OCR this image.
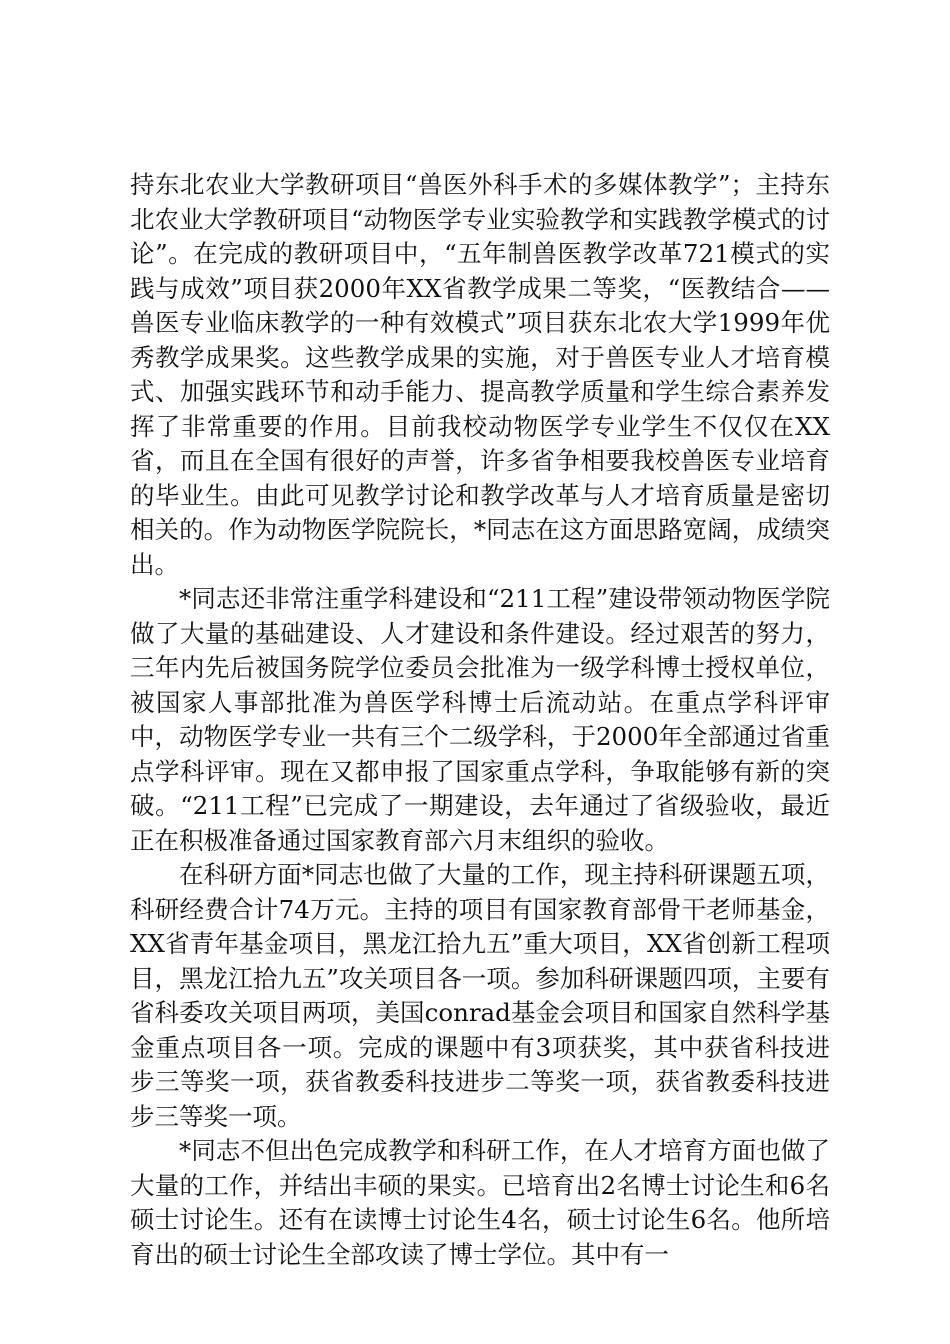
持东北农业大学教研项目“兽医外科手术的多媒体教学”；主持东北农业大学教研项目“动物医学专业实验教学和实践教学模式的讨论”。在完成的教研项目中，“五年制兽医教学改革721模式的实践与成效”项目获2000年XX省教学成果二等奖，“医教结合——兽医专业临床教学的一种有效模式”项目获东北农大学1999年优秀教学成果奖。这些教学成果的实施，对于兽医专业人才培育模式、加强实践环节和动手能力、提高教学质量和学生综合素养发挥了非常重要的作用。目前我校动物医学专业学生不仅仅在XX省，而且在全国有很好的声誉，许多省争相要我校兽医专业培育的毕业生。由此可见教学讨论和教学改革与人才培育质量是密切相关的。作为动物医学院院长，*同志在这方面思路宽阔，成绩突出。

*同志还非常注重学科建设和“211工程”建设带领动物医学院做了大量的基础建设、人才建设和条件建设。经过艰苦的努力，三年内先后被国务院学位委员会批准为一级学科博士授权单位，被国家人事部批准为兽医学科博士后流动站。在重点学科评审中，动物医学专业一共有三个二级学科，于2000年全部通过省重点学科评审。现在又都申报了国家重点学科，争取能够有新的突破。“211工程”已完成了一期建设，去年通过了省级验收，最近正在积极准备通过国家教育部六月末组织的验收。

在科研方面*同志也做了大量的工作，现主持科研课题五项，科研经费合计74万元。主持的项目有国家教育部骨干老师基金，XX省青年基金项目，黑龙江拾九五”重大项目，XX省创新工程项目，黑龙江拾九五”攻关项目各一项。参加科研课题四项，主要有省科委攻关项目两项，美国conrad基金会项目和国家自然科学基金重点项目各一项。完成的课题中有3项获奖，其中获省科技进步三等奖一项，获省教委科技进步二等奖一项，获省教委科技进步三等奖一项。

*同志不但出色完成教学和科研工作，在人才培育方面也做了大量的工作，并结出丰硕的果实。已培育出2名博士讨论生和6名硕士讨论生。还有在读博士讨论生4名，硕士讨论生6名。他所培育出的硕士讨论生全部攻读了博士学位。其中有一
